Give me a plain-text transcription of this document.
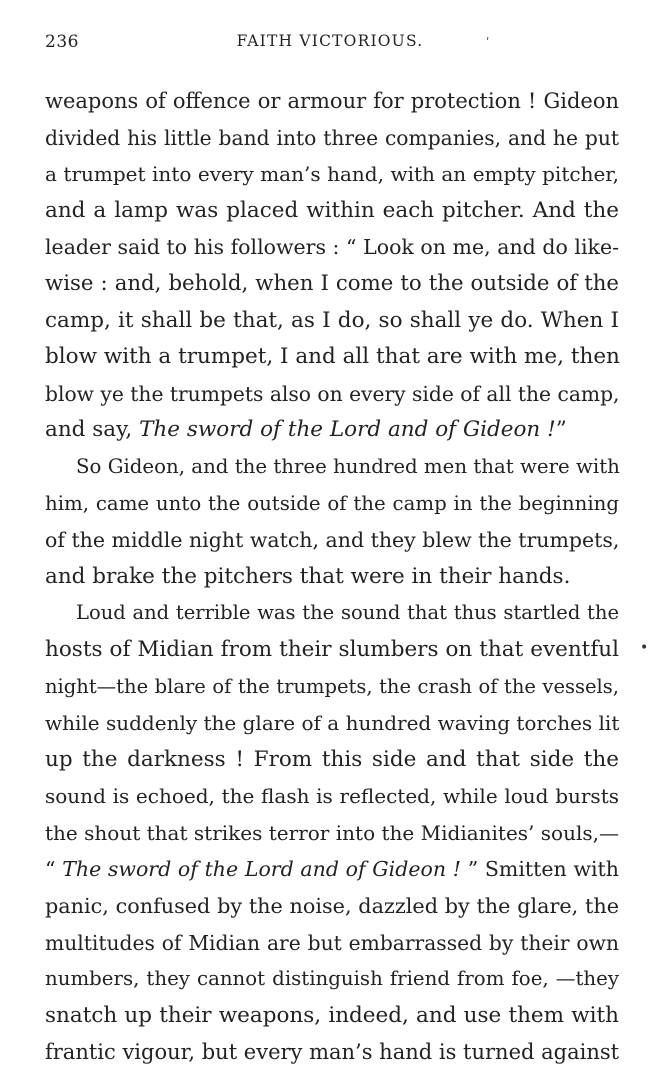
236	FAITH VICTORIOUS.	ʹ
•
weapons of offence or armour for protection ! Gideon
divided his little band into three companies, and he put
a trumpet into every man’s hand, with an empty pitcher,
and a lamp was placed within each pitcher. And the
leader said to his followers : “ Look on me, and do like-
wise : and, behold, when I come to the outside of the
camp, it shall be that, as I do, so shall ye do. When I
blow with a trumpet, I and all that are with me, then
blow ye the trumpets also on every side of all the camp,
and say, The sword of the Lord and of Gideon !”
So Gideon, and the three hundred men that were with
him, came unto the outside of the camp in the beginning
of the middle night watch, and they blew the trumpets,
and brake the pitchers that were in their hands.
Loud and terrible was the sound that thus startled the
hosts of Midian from their slumbers on that eventful
night—the blare of the trumpets, the crash of the vessels,
while suddenly the glare of a hundred waving torches lit
up the darkness ! From this side and that side the
sound is echoed, the flash is reflected, while loud bursts
the shout that strikes terror into the Midianites’ souls,—
“ The sword of the Lord and of Gideon ! ” Smitten with
panic, confused by the noise, dazzled by the glare, the
multitudes of Midian are but embarrassed by their own
numbers, they cannot distinguish friend from foe, —they
snatch up their weapons, indeed, and use them with
frantic vigour, but every man’s hand is turned against
